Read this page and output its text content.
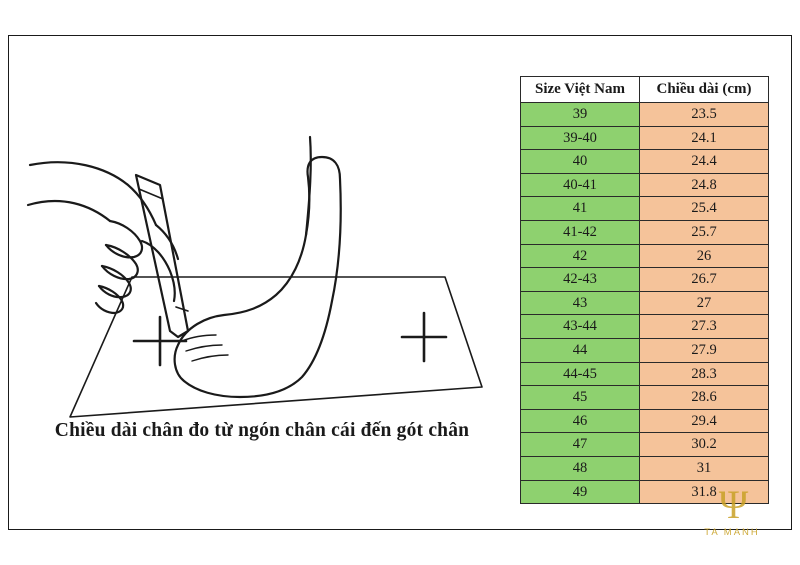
Chiều dài chân đo từ ngón chân cái đến gót chân
Size Việt Nam	Chiều dài (cm)
39	23.5
39-40	24.1
40	24.4
40-41	24.8
41	25.4
41-42	25.7
42	26
42-43	26.7
43	27
43-44	27.3
44	27.9
44-45	28.3
45	28.6
46	29.4
47	30.2
48	31
49	31.8 Ψ
TA MANH
